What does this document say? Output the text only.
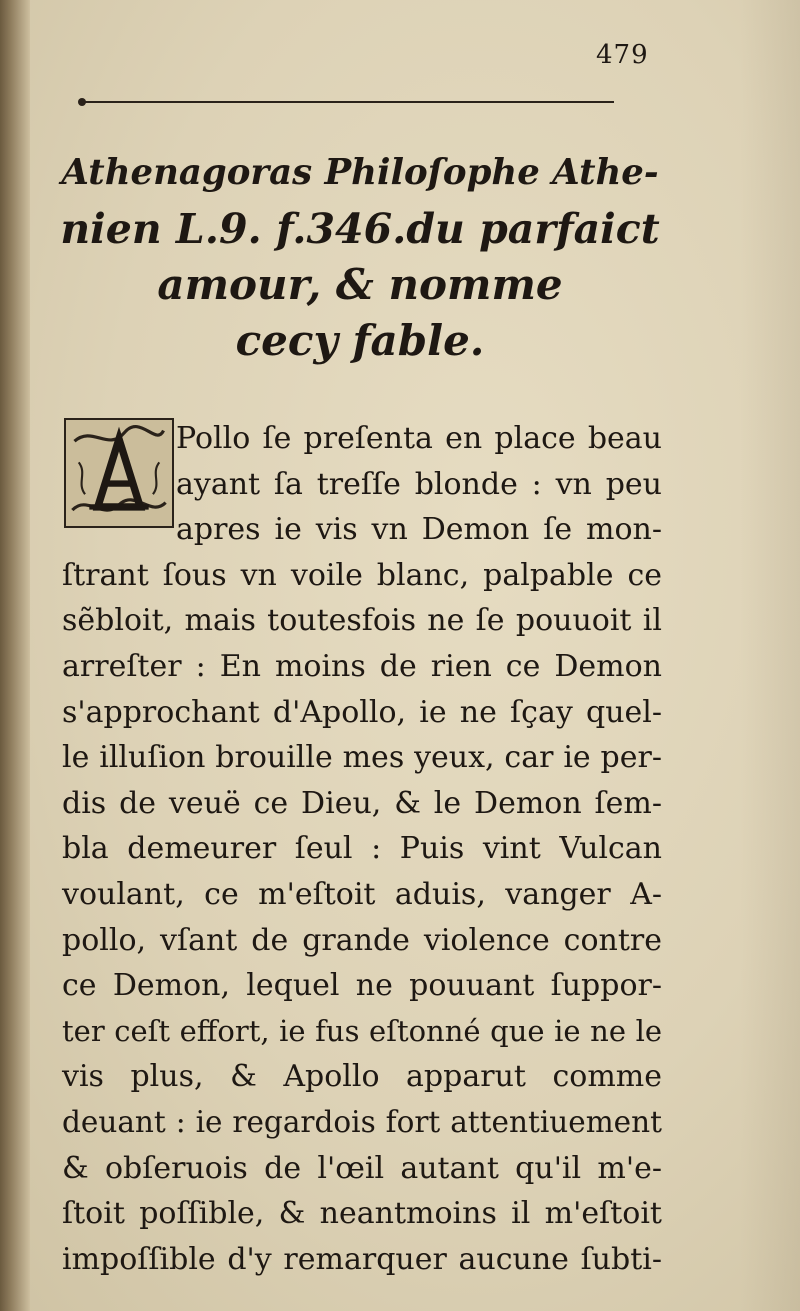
479
Athenagoras Philoſophe Athe-
nien L.9. f.346.du parfaict
amour, & nomme
cecy fable.
Pollo ſe preſenta en place beau
ayant ſa treſſe blonde : vn peu
apres ie vis vn Demon ſe mon-
ſtrant ſous vn voile blanc, palpable ce
sẽbloit, mais toutesfois ne ſe pouuoit il
arreſter : En moins de rien ce Demon
s'approchant d'Apollo, ie ne ſçay quel-
le illuſion brouille mes yeux, car ie per-
dis de veuë ce Dieu, & le Demon ſem-
bla demeurer ſeul : Puis vint Vulcan
voulant, ce m'eſtoit aduis, vanger A-
pollo, vſant de grande violence contre
ce Demon, lequel ne pouuant ſuppor-
ter ceſt effort, ie fus eſtonné que ie ne le
vis plus, & Apollo apparut comme
deuant : ie regardois fort attentiuement
& obſeruois de l'œil autant qu'il m'e-
ſtoit poſſible, & neantmoins il m'eſtoit
impoſſible d'y remarquer aucune ſubti-
